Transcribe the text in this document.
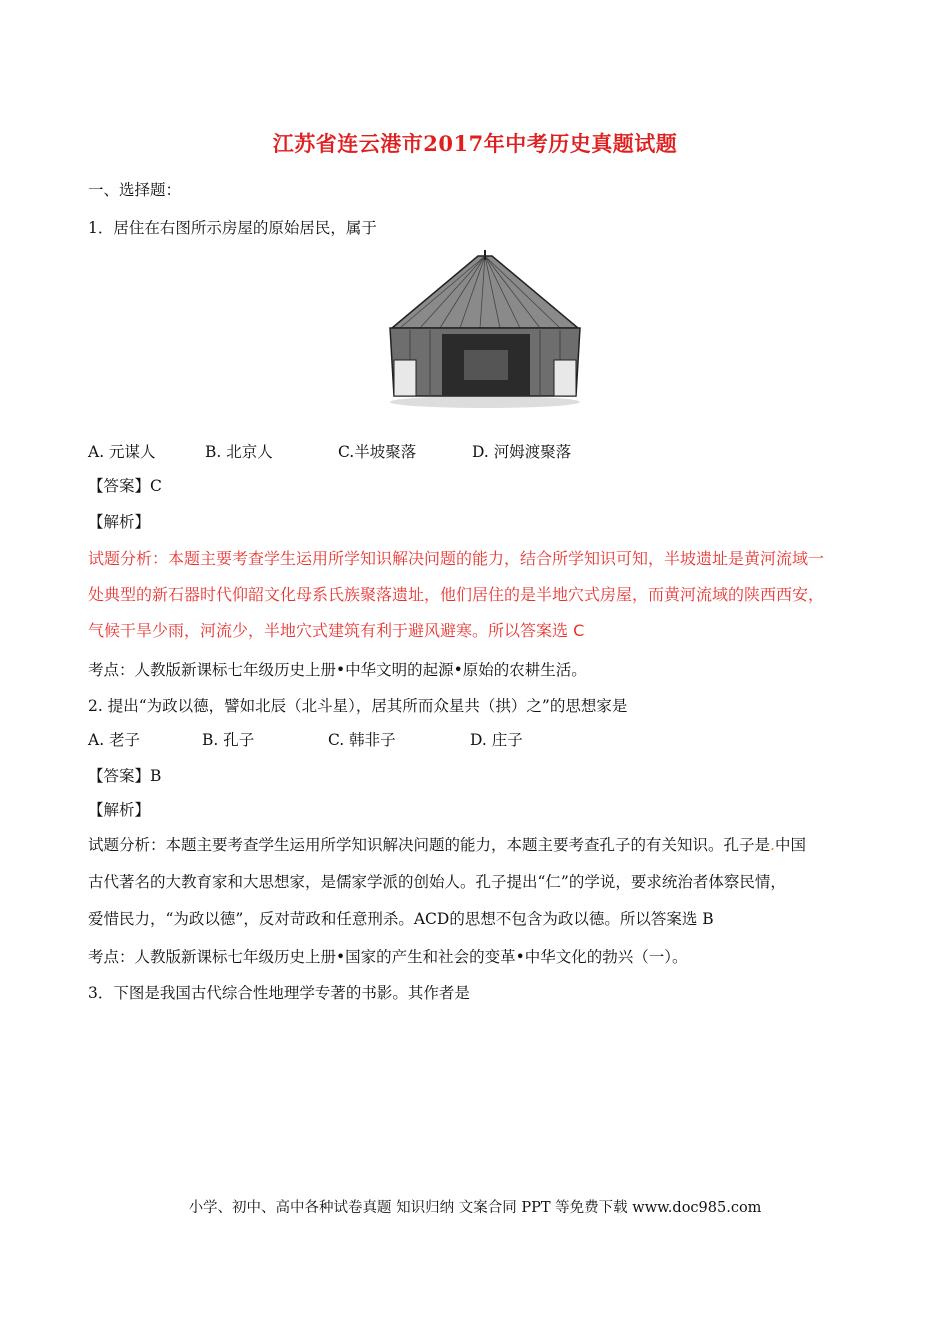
江苏省连云港市2017年中考历史真题试题
一、选择题：
1．居住在右图所示房屋的原始居民，属于
A. 元谋人	B. 北京人	C.半坡聚落	D. 河姆渡聚落
【答案】C
【解析】
试题分析：本题主要考查学生运用所学知识解决问题的能力，结合所学知识可知，半坡遗址是黄河流域一
处典型的新石器时代仰韶文化母系氏族聚落遗址，他们居住的是半地穴式房屋，而黄河流域的陕西西安，
气候干旱少雨，河流少，半地穴式建筑有利于避风避寒。所以答案选 C
考点：人教版新课标七年级历史上册•中华文明的起源•原始的农耕生活。
2. 提出“为政以德，譬如北辰（北斗星），居其所而众星共（拱）之”的思想家是
A. 老子	B. 孔子	C. 韩非子	D. 庄子
【答案】B
【解析】
试题分析：本题主要考查学生运用所学知识解决问题的能力，本题主要考查孔子的有关知识。孔子是.中国
古代著名的大教育家和大思想家，是儒家学派的创始人。孔子提出“仁”的学说，要求统治者体察民情，
爱惜民力，“为政以德”，反对苛政和任意刑杀。ACD的思想不包含为政以德。所以答案选 B
考点：人教版新课标七年级历史上册•国家的产生和社会的变革•中华文化的勃兴（一）。
3．下图是我国古代综合性地理学专著的书影。其作者是
小学、初中、高中各种试卷真题 知识归纳 文案合同 PPT 等免费下载 www.doc985.com
